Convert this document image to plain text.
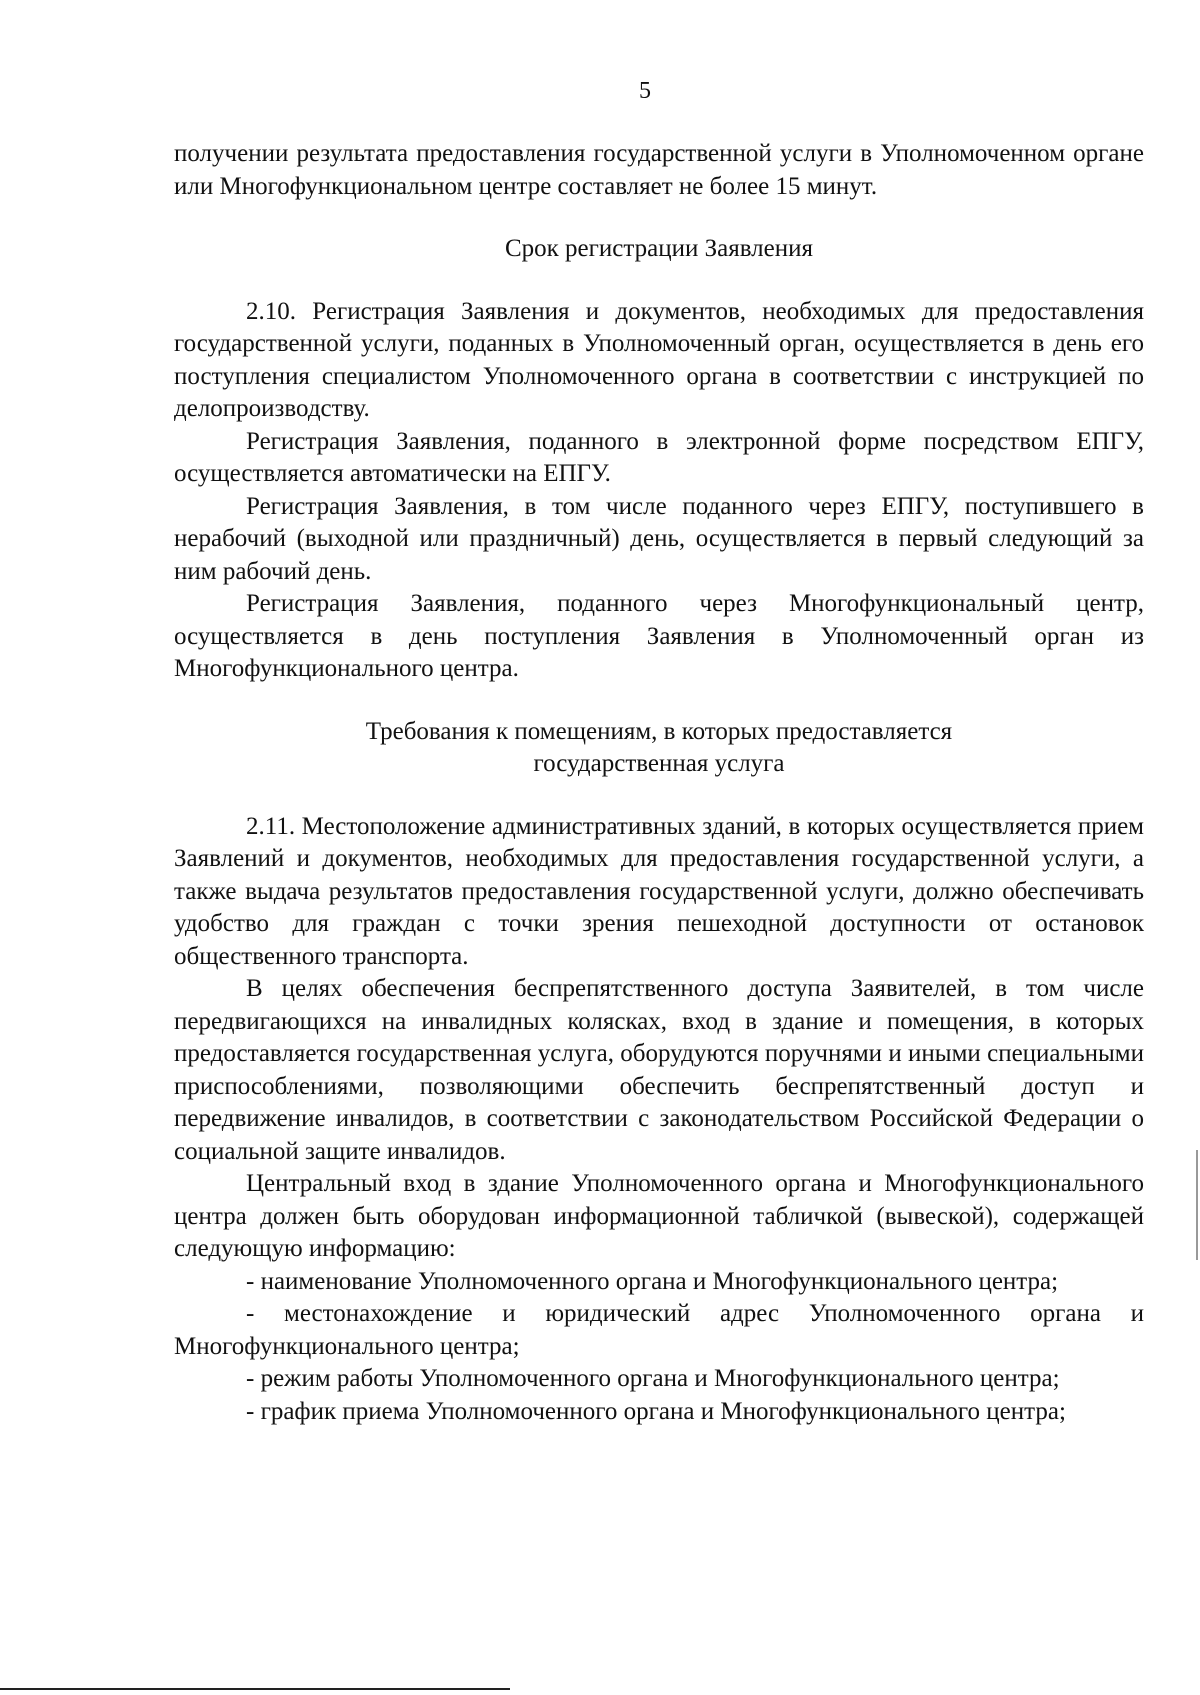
5

получении результата предоставления государственной услуги в Уполномоченном органе или Многофункциональном центре составляет не более 15 минут.

Срок регистрации Заявления

2.10. Регистрация Заявления и документов, необходимых для предоставления государственной услуги, поданных в Уполномоченный орган, осуществляется в день его поступления специалистом Уполномоченного органа в соответствии с инструкцией по делопроизводству.

Регистрация Заявления, поданного в электронной форме посредством ЕПГУ, осуществляется автоматически на ЕПГУ.

Регистрация Заявления, в том числе поданного через ЕПГУ, поступившего в нерабочий (выходной или праздничный) день, осуществляется в первый следующий за ним рабочий день.

Регистрация Заявления, поданного через Многофункциональный центр, осуществляется в день поступления Заявления в Уполномоченный орган из Многофункционального центра.

Требования к помещениям, в которых предоставляется
государственная услуга

2.11. Местоположение административных зданий, в которых осуществляется прием Заявлений и документов, необходимых для предоставления государственной услуги, а также выдача результатов предоставления государственной услуги, должно обеспечивать удобство для граждан с точки зрения пешеходной доступности от остановок общественного транспорта.

В целях обеспечения беспрепятственного доступа Заявителей, в том числе передвигающихся на инвалидных колясках, вход в здание и помещения, в которых предоставляется государственная услуга, оборудуются поручнями и иными специальными приспособлениями, позволяющими обеспечить беспрепятственный доступ и передвижение инвалидов, в соответствии с законодательством Российской Федерации о социальной защите инвалидов.

Центральный вход в здание Уполномоченного органа и Многофункционального центра должен быть оборудован информационной табличкой (вывеской), содержащей следующую информацию:

- наименование Уполномоченного органа и Многофункционального центра;

- местонахождение и юридический адрес Уполномоченного органа и Многофункционального центра;

- режим работы Уполномоченного органа и Многофункционального центра;

- график приема Уполномоченного органа и Многофункционального центра;
